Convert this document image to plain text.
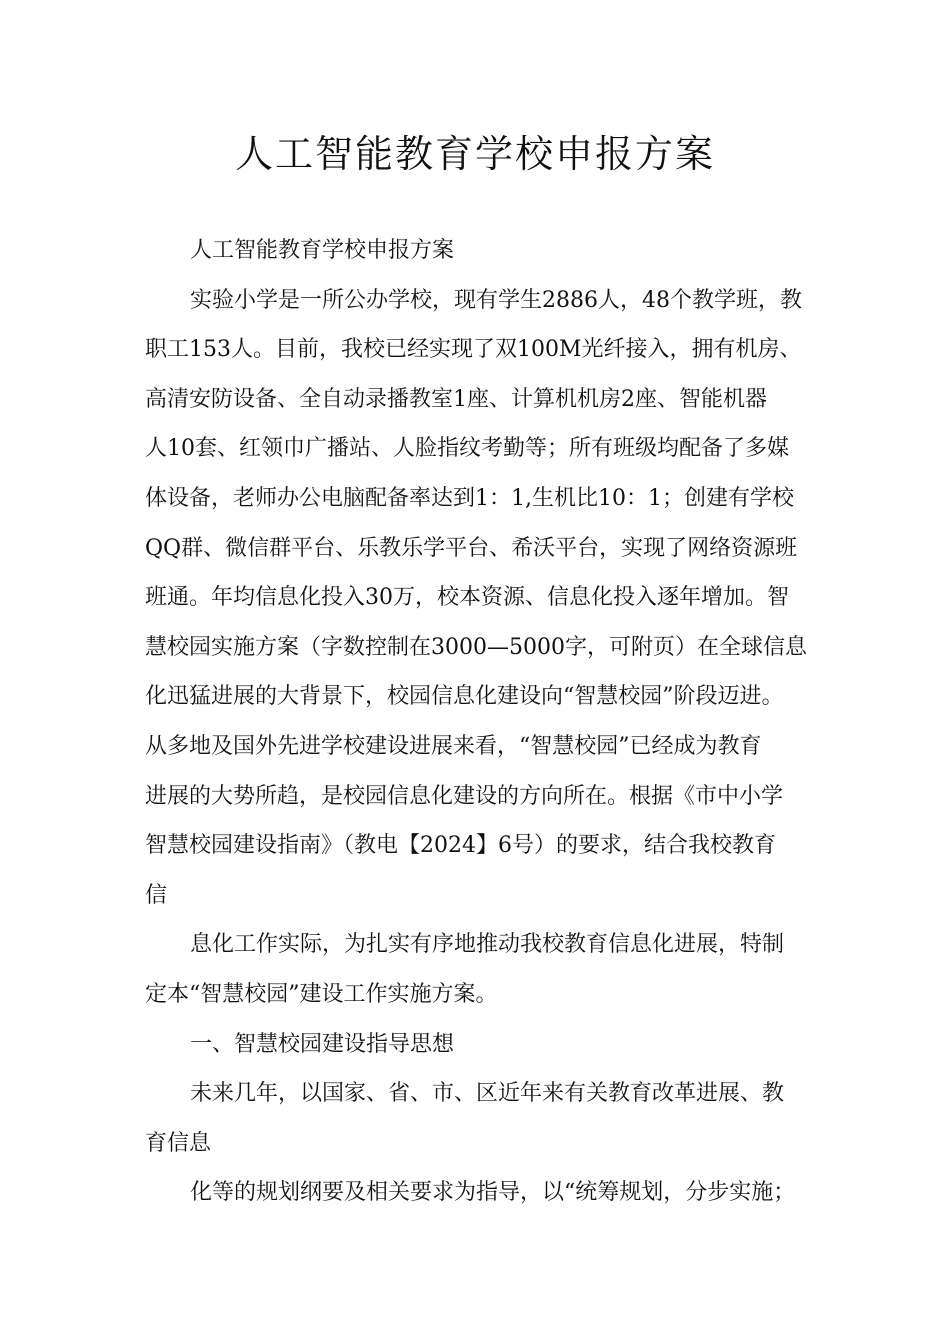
人工智能教育学校申报方案
人工智能教育学校申报方案
实验小学是一所公办学校，现有学生2886人，48个教学班，教
职工153人。目前，我校已经实现了双100M光纤接入，拥有机房、
高清安防设备、全自动录播教室1座、计算机机房2座、智能机器
人10套、红领巾广播站、人脸指纹考勤等；所有班级均配备了多媒
体设备，老师办公电脑配备率达到1：1,生机比10：1；创建有学校
QQ群、微信群平台、乐教乐学平台、希沃平台，实现了网络资源班
班通。年均信息化投入30万，校本资源、信息化投入逐年增加。智
慧校园实施方案（字数控制在3000—5000字，可附页）在全球信息
化迅猛进展的大背景下，校园信息化建设向“智慧校园”阶段迈进。
从多地及国外先进学校建设进展来看，“智慧校园”已经成为教育
进展的大势所趋，是校园信息化建设的方向所在。根据《市中小学
智慧校园建设指南》（教电【2024】6号）的要求，结合我校教育
信
息化工作实际，为扎实有序地推动我校教育信息化进展，特制
定本“智慧校园”建设工作实施方案。
一、智慧校园建设指导思想
未来几年，以国家、省、市、区近年来有关教育改革进展、教
育信息
化等的规划纲要及相关要求为指导，以“统筹规划，分步实施；
